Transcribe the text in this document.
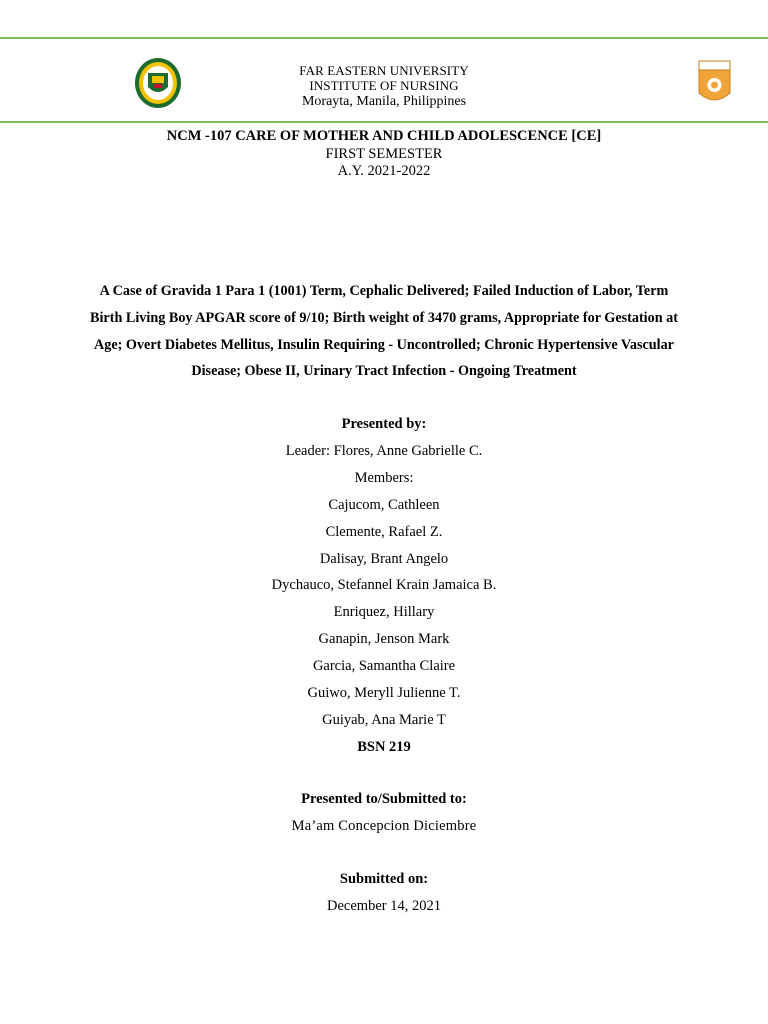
FAR EASTERN UNIVERSITY
INSTITUTE OF NURSING
Morayta, Manila, Philippines
NCM -107 CARE OF MOTHER AND CHILD ADOLESCENCE [CE]
FIRST SEMESTER
A.Y. 2021-2022
A Case of Gravida 1 Para 1 (1001) Term, Cephalic Delivered; Failed Induction of Labor, Term Birth Living Boy APGAR score of 9/10; Birth weight of 3470 grams, Appropriate for Gestation at Age; Overt Diabetes Mellitus, Insulin Requiring - Uncontrolled; Chronic Hypertensive Vascular Disease; Obese II, Urinary Tract Infection - Ongoing Treatment
Presented by:
Leader: Flores, Anne Gabrielle C.
Members:
Cajucom, Cathleen
Clemente, Rafael Z.
Dalisay, Brant Angelo
Dychauco, Stefannel Krain Jamaica B.
Enriquez, Hillary
Ganapin, Jenson Mark
Garcia, Samantha Claire
Guiwo, Meryll Julienne T.
Guiyab, Ana Marie T
BSN 219
Presented to/Submitted to:
Ma’am Concepcion Diciembre
Submitted on:
December 14, 2021
